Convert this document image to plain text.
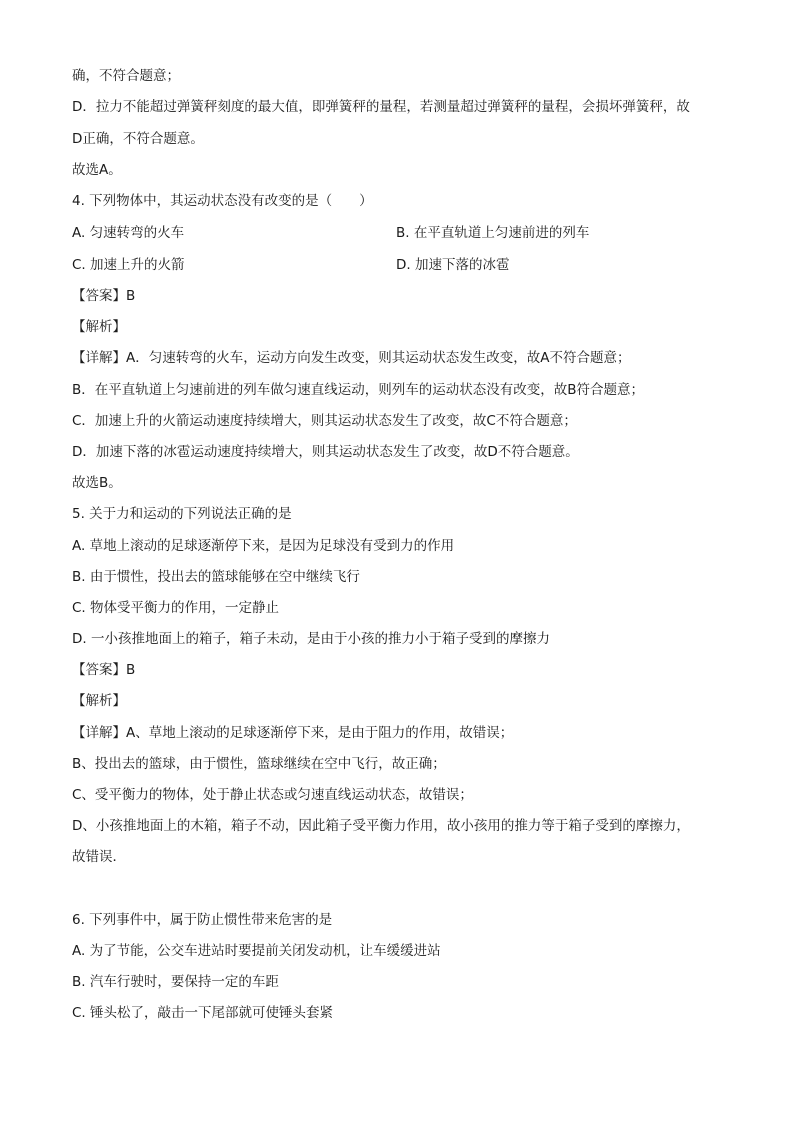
确，不符合题意；
D．拉力不能超过弹簧秤刻度的最大值，即弹簧秤的量程，若测量超过弹簧秤的量程，会损坏弹簧秤，故
D正确，不符合题意。
故选A。
4. 下列物体中，其运动状态没有改变的是（　　）
A. 匀速转弯的火车	B. 在平直轨道上匀速前进的列车
C. 加速上升的火箭	D. 加速下落的冰雹
【答案】B
【解析】
【详解】A．匀速转弯的火车，运动方向发生改变，则其运动状态发生改变，故A不符合题意；
B．在平直轨道上匀速前进的列车做匀速直线运动，则列车的运动状态没有改变，故B符合题意；
C．加速上升的火箭运动速度持续增大，则其运动状态发生了改变，故C不符合题意；
D．加速下落的冰雹运动速度持续增大，则其运动状态发生了改变，故D不符合题意。
故选B。
5. 关于力和运动的下列说法正确的是
A. 草地上滚动的足球逐渐停下来，是因为足球没有受到力的作用
B. 由于惯性，投出去的篮球能够在空中继续飞行
C. 物体受平衡力的作用，一定静止
D. 一小孩推地面上的箱子，箱子未动，是由于小孩的推力小于箱子受到的摩擦力
【答案】B
【解析】
【详解】A、草地上滚动的足球逐渐停下来，是由于阻力的作用，故错误；
B、投出去的篮球，由于惯性，篮球继续在空中飞行，故正确；
C、受平衡力的物体，处于静止状态或匀速直线运动状态，故错误；
D、小孩推地面上的木箱，箱子不动，因此箱子受平衡力作用，故小孩用的推力等于箱子受到的摩擦力，
故错误．
6. 下列事件中，属于防止惯性带来危害的是
A. 为了节能，公交车进站时要提前关闭发动机，让车缓缓进站
B. 汽车行驶时，要保持一定的车距
C. 锤头松了，敲击一下尾部就可使锤头套紧
